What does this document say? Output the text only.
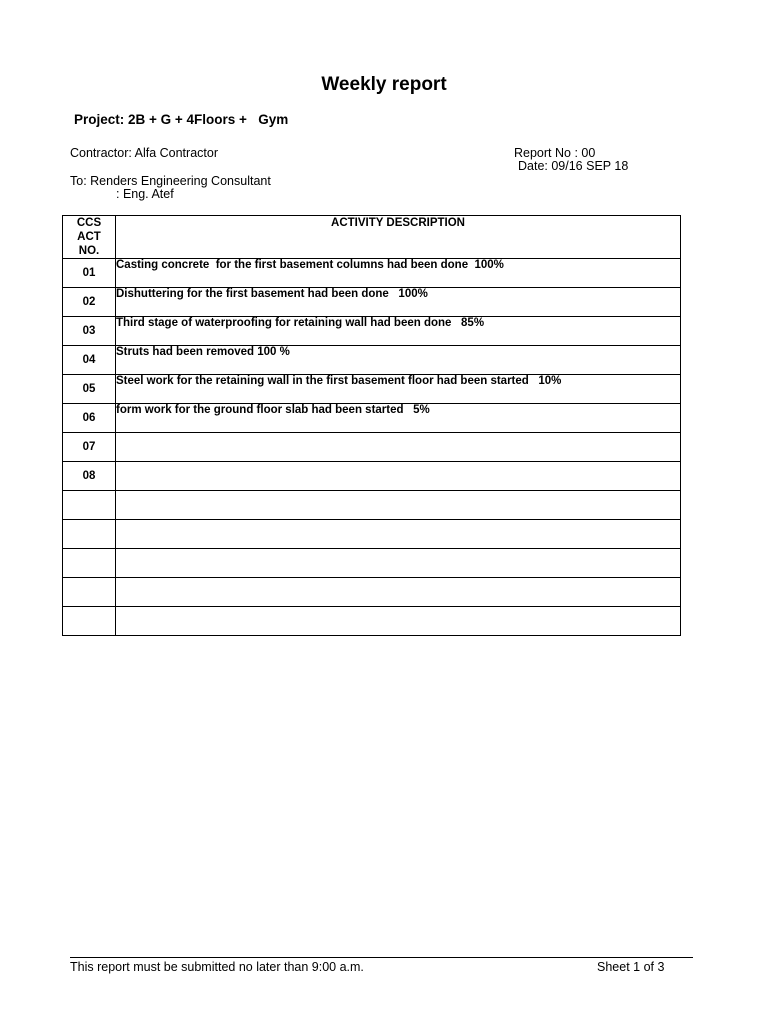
Weekly report
Project: 2B + G + 4Floors +   Gym
Contractor: Alfa Contractor	Report No : 00
Date: 09/16 SEP 18
To: Renders Engineering Consultant
: Eng. Atef
CCS
ACT
NO.	ACTIVITY DESCRIPTION
01	Casting concrete  for the first basement columns had been done  100%
02	Dishuttering for the first basement had been done   100%
03	Third stage of waterproofing for retaining wall had been done   85%
04	Struts had been removed 100 %
05	Steel work for the retaining wall in the first basement floor had been started   10%
06	form work for the ground floor slab had been started   5%
07	
08	

This report must be submitted no later than 9:00 a.m.	Sheet 1 of 3
